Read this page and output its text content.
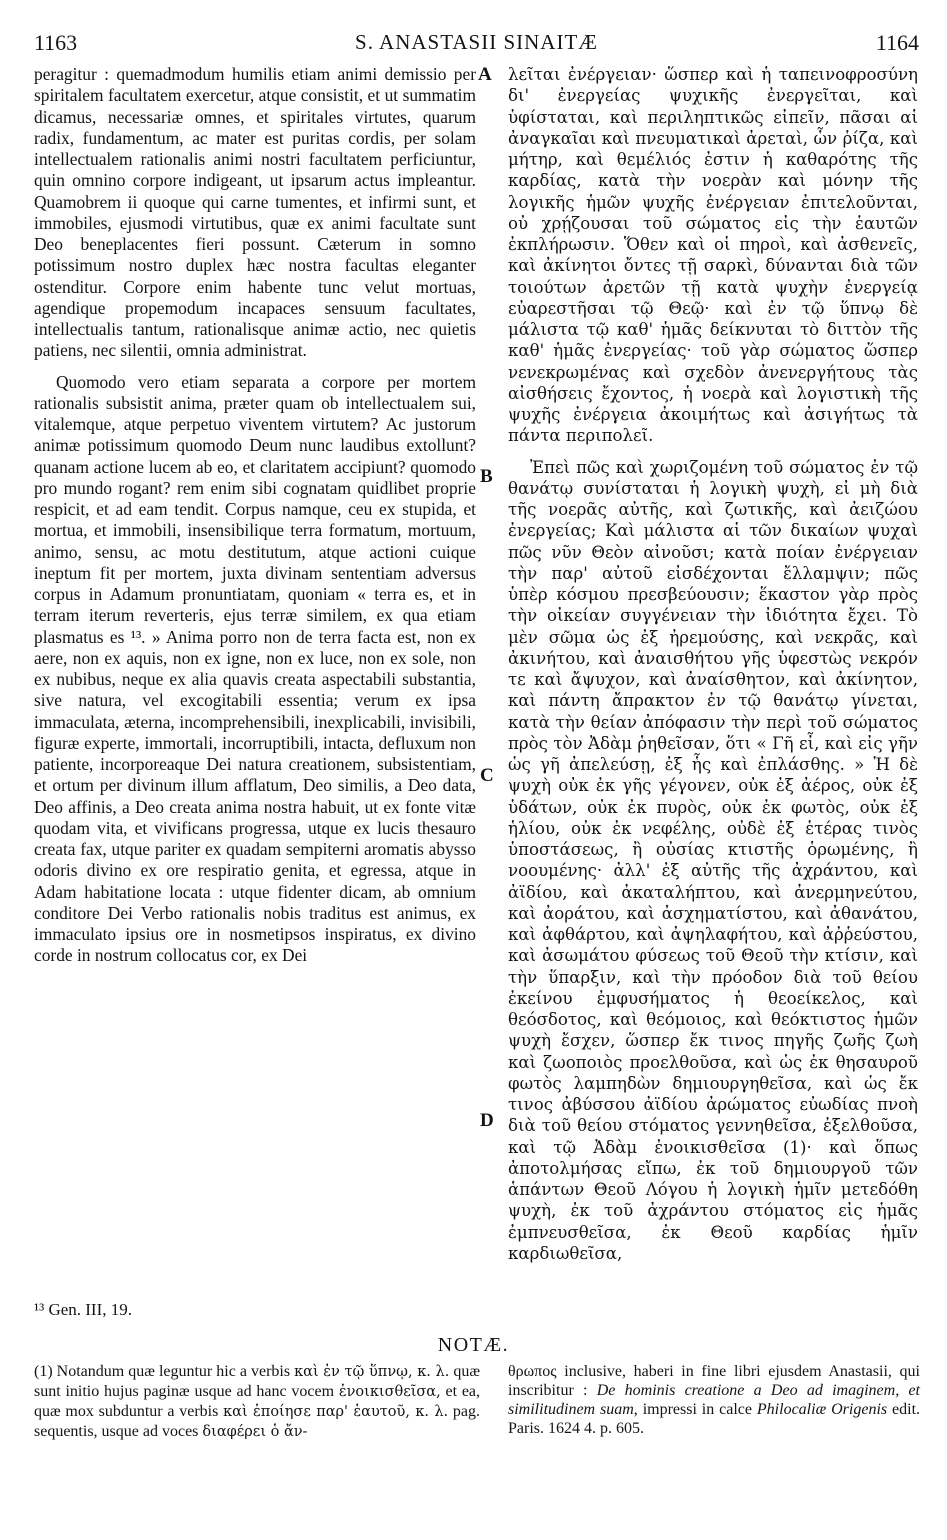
1163	S. ANASTASII SINAITÆ	1164

peragitur : quemadmodum humilis etiam animi demissio per spiritalem facultatem exercetur, atque consistit, et ut summatim dicamus, necessariæ omnes, et spiritales virtutes, quarum radix, fundamentum, ac mater est puritas cordis, per solam intellectualem rationalis animi nostri facultatem perficiuntur, quin omnino corpore indigeant, ut ipsarum actus impleantur. Quamobrem ii quoque qui carne tumentes, et infirmi sunt, et immobiles, ejusmodi virtutibus, quæ ex animi facultate sunt Deo beneplacentes fieri possunt. Cæterum in somno potissimum nostro duplex hæc nostra facultas eleganter ostenditur. Corpore enim habente tunc velut mortuas, agendique propemodum incapaces sensuum facultates, intellectualis tantum, rationalisque animæ actio, nec quietis patiens, nec silentii, omnia administrat.

Quomodo vero etiam separata a corpore per mortem rationalis subsistit anima, præter quam ob intellectualem sui, vitalemque, atque perpetuo viventem virtutem? Ac justorum animæ potissimum quomodo Deum nunc laudibus extollunt? quanam actione lucem ab eo, et claritatem accipiunt? quomodo pro mundo rogant? rem enim sibi cognatam quidlibet proprie respicit, et ad eam tendit. Corpus namque, ceu ex stupida, et mortua, et immobili, insensibilique terra formatum, mortuum, animo, sensu, ac motu destitutum, atque actioni cuique ineptum fit per mortem, juxta divinam sententiam adversus corpus in Adamum pronuntiatam, quoniam « terra es, et in terram iterum reverteris, ejus terræ similem, ex qua etiam plasmatus es ¹³. » Anima porro non de terra facta est, non ex aere, non ex aquis, non ex igne, non ex luce, non ex sole, non ex nubibus, neque ex alia quavis creata aspectabili substantia, sive natura, vel excogitabili essentia; verum ex ipsa immaculata, æterna, incomprehensibili, inexplicabili, invisibili, figuræ experte, immortali, incorruptibili, intacta, defluxum non patiente, incorporeaque Dei natura creationem, subsistentiam, et ortum per divinum illum afflatum, Deo similis, a Deo data, Deo affinis, a Deo creata anima nostra habuit, ut ex fonte vitæ quodam vita, et vivificans progressa, utque ex lucis thesauro creata fax, utque pariter ex quadam sempiterni aromatis abysso odoris divino ex ore respiratio genita, et egressa, atque in Adam habitatione locata : utque fidenter dicam, ab omnium conditore Dei Verbo rationalis nobis traditus est animus, ex immaculato ipsius ore in nosmetipsos inspiratus, ex divino corde in nostrum collocatus cor, ex Dei

A
B
C
D

λεῖται ἐνέργειαν· ὥσπερ καὶ ἡ ταπεινοφροσύνη δι' ἐνεργείας ψυχικῆς ἐνεργεῖται, καὶ ὑφίσταται, καὶ περιληπτικῶς εἰπεῖν, πᾶσαι αἱ ἀναγκαῖαι καὶ πνευματικαὶ ἀρεταὶ, ὧν ῥίζα, καὶ μήτηρ, καὶ θεμέλιός ἐστιν ἡ καθαρότης τῆς καρδίας, κατὰ τὴν νοερὰν καὶ μόνην τῆς λογικῆς ἡμῶν ψυχῆς ἐνέργειαν ἐπιτελοῦνται, οὐ χρῄζουσαι τοῦ σώματος εἰς τὴν ἑαυτῶν ἐκπλήρωσιν. Ὅθεν καὶ οἱ πηροὶ, καὶ ἀσθενεῖς, καὶ ἀκίνητοι ὄντες τῇ σαρκὶ, δύνανται διὰ τῶν τοιούτων ἀρετῶν τῇ κατὰ ψυχὴν ἐνεργείᾳ εὐαρεστῆσαι τῷ Θεῷ· καὶ ἐν τῷ ὕπνῳ δὲ μάλιστα τῷ καθ' ἡμᾶς δείκνυται τὸ διττὸν τῆς καθ' ἡμᾶς ἐνεργείας· τοῦ γὰρ σώματος ὥσπερ νενεκρωμένας καὶ σχεδὸν ἀνενεργήτους τὰς αἰσθήσεις ἔχοντος, ἡ νοερὰ καὶ λογιστικὴ τῆς ψυχῆς ἐνέργεια ἀκοιμήτως καὶ ἀσιγήτως τὰ πάντα περιπολεῖ.

Ἐπεὶ πῶς καὶ χωριζομένη τοῦ σώματος ἐν τῷ θανάτῳ συνίσταται ἡ λογικὴ ψυχὴ, εἰ μὴ διὰ τῆς νοερᾶς αὐτῆς, καὶ ζωτικῆς, καὶ ἀειζώου ἐνεργείας; Καὶ μάλιστα αἱ τῶν δικαίων ψυχαὶ πῶς νῦν Θεὸν αἰνοῦσι; κατὰ ποίαν ἐνέργειαν τὴν παρ' αὐτοῦ εἰσδέχονται ἔλλαμψιν; πῶς ὑπὲρ κόσμου πρεσβεύουσιν; ἕκαστον γὰρ πρὸς τὴν οἰκείαν συγγένειαν τὴν ἰδιότητα ἔχει. Τὸ μὲν σῶμα ὡς ἐξ ἠρεμούσης, καὶ νεκρᾶς, καὶ ἀκινήτου, καὶ ἀναισθήτου γῆς ὑφεστὼς νεκρόν τε καὶ ἄψυχον, καὶ ἀναίσθητον, καὶ ἀκίνητον, καὶ πάντη ἄπρακτον ἐν τῷ θανάτῳ γίνεται, κατὰ τὴν θείαν ἀπόφασιν τὴν περὶ τοῦ σώματος πρὸς τὸν Ἀδὰμ ῥηθεῖσαν, ὅτι « Γῆ εἶ, καὶ εἰς γῆν ὡς γῆ ἀπελεύσῃ, ἐξ ἧς καὶ ἐπλάσθης. » Ἡ δὲ ψυχὴ οὐκ ἐκ γῆς γέγονεν, οὐκ ἐξ ἀέρος, οὐκ ἐξ ὑδάτων, οὐκ ἐκ πυρὸς, οὐκ ἐκ φωτὸς, οὐκ ἐξ ἡλίου, οὐκ ἐκ νεφέλης, οὐδὲ ἐξ ἑτέρας τινὸς ὑποστάσεως, ἢ οὐσίας κτιστῆς ὁρωμένης, ἢ νοουμένης· ἀλλ' ἐξ αὐτῆς τῆς ἀχράντου, καὶ ἀϊδίου, καὶ ἀκαταλήπτου, καὶ ἀνερμηνεύτου, καὶ ἀοράτου, καὶ ἀσχηματίστου, καὶ ἀθανάτου, καὶ ἀφθάρτου, καὶ ἀψηλαφήτου, καὶ ἀῤῥεύστου, καὶ ἀσωμάτου φύσεως τοῦ Θεοῦ τὴν κτίσιν, καὶ τὴν ὕπαρξιν, καὶ τὴν πρόοδον διὰ τοῦ θείου ἐκείνου ἐμφυσήματος ἡ θεοείκελος, καὶ θεόσδοτος, καὶ θεόμοιος, καὶ θεόκτιστος ἡμῶν ψυχὴ ἔσχεν, ὥσπερ ἔκ τινος πηγῆς ζωῆς ζωὴ καὶ ζωοποιὸς προελθοῦσα, καὶ ὡς ἐκ θησαυροῦ φωτὸς λαμπηδὼν δημιουργηθεῖσα, καὶ ὡς ἔκ τινος ἀβύσσου ἀϊδίου ἀρώματος εὐωδίας πνοὴ διὰ τοῦ θείου στόματος γεννηθεῖσα, ἐξελθοῦσα, καὶ τῷ Ἀδὰμ ἐνοικισθεῖσα (1)· καὶ ὅπως ἀποτολμήσας εἴπω, ἐκ τοῦ δημιουργοῦ τῶν ἁπάντων Θεοῦ Λόγου ἡ λογικὴ ἡμῖν μετεδόθη ψυχὴ, ἐκ τοῦ ἀχράντου στόματος εἰς ἡμᾶς ἐμπνευσθεῖσα, ἐκ Θεοῦ καρδίας ἡμῖν καρδιωθεῖσα,

¹³ Gen. III, 19.
NOTÆ.
(1) Notandum quæ leguntur hic a verbis καὶ ἐν τῷ ὕπνῳ, κ. λ. quæ sunt initio hujus paginæ usque ad hanc vocem ἐνοικισθεῖσα, et ea, quæ mox subduntur a verbis καὶ ἐποίησε παρ' ἑαυτοῦ, κ. λ. pag. sequentis, usque ad voces διαφέρει ὁ ἄν-
θρωπος inclusive, haberi in fine libri ejusdem Anastasii, qui inscribitur : De hominis creatione a Deo ad imaginem, et similitudinem suam, impressi in calce Philocaliæ Origenis edit. Paris. 1624 4. p. 605.
